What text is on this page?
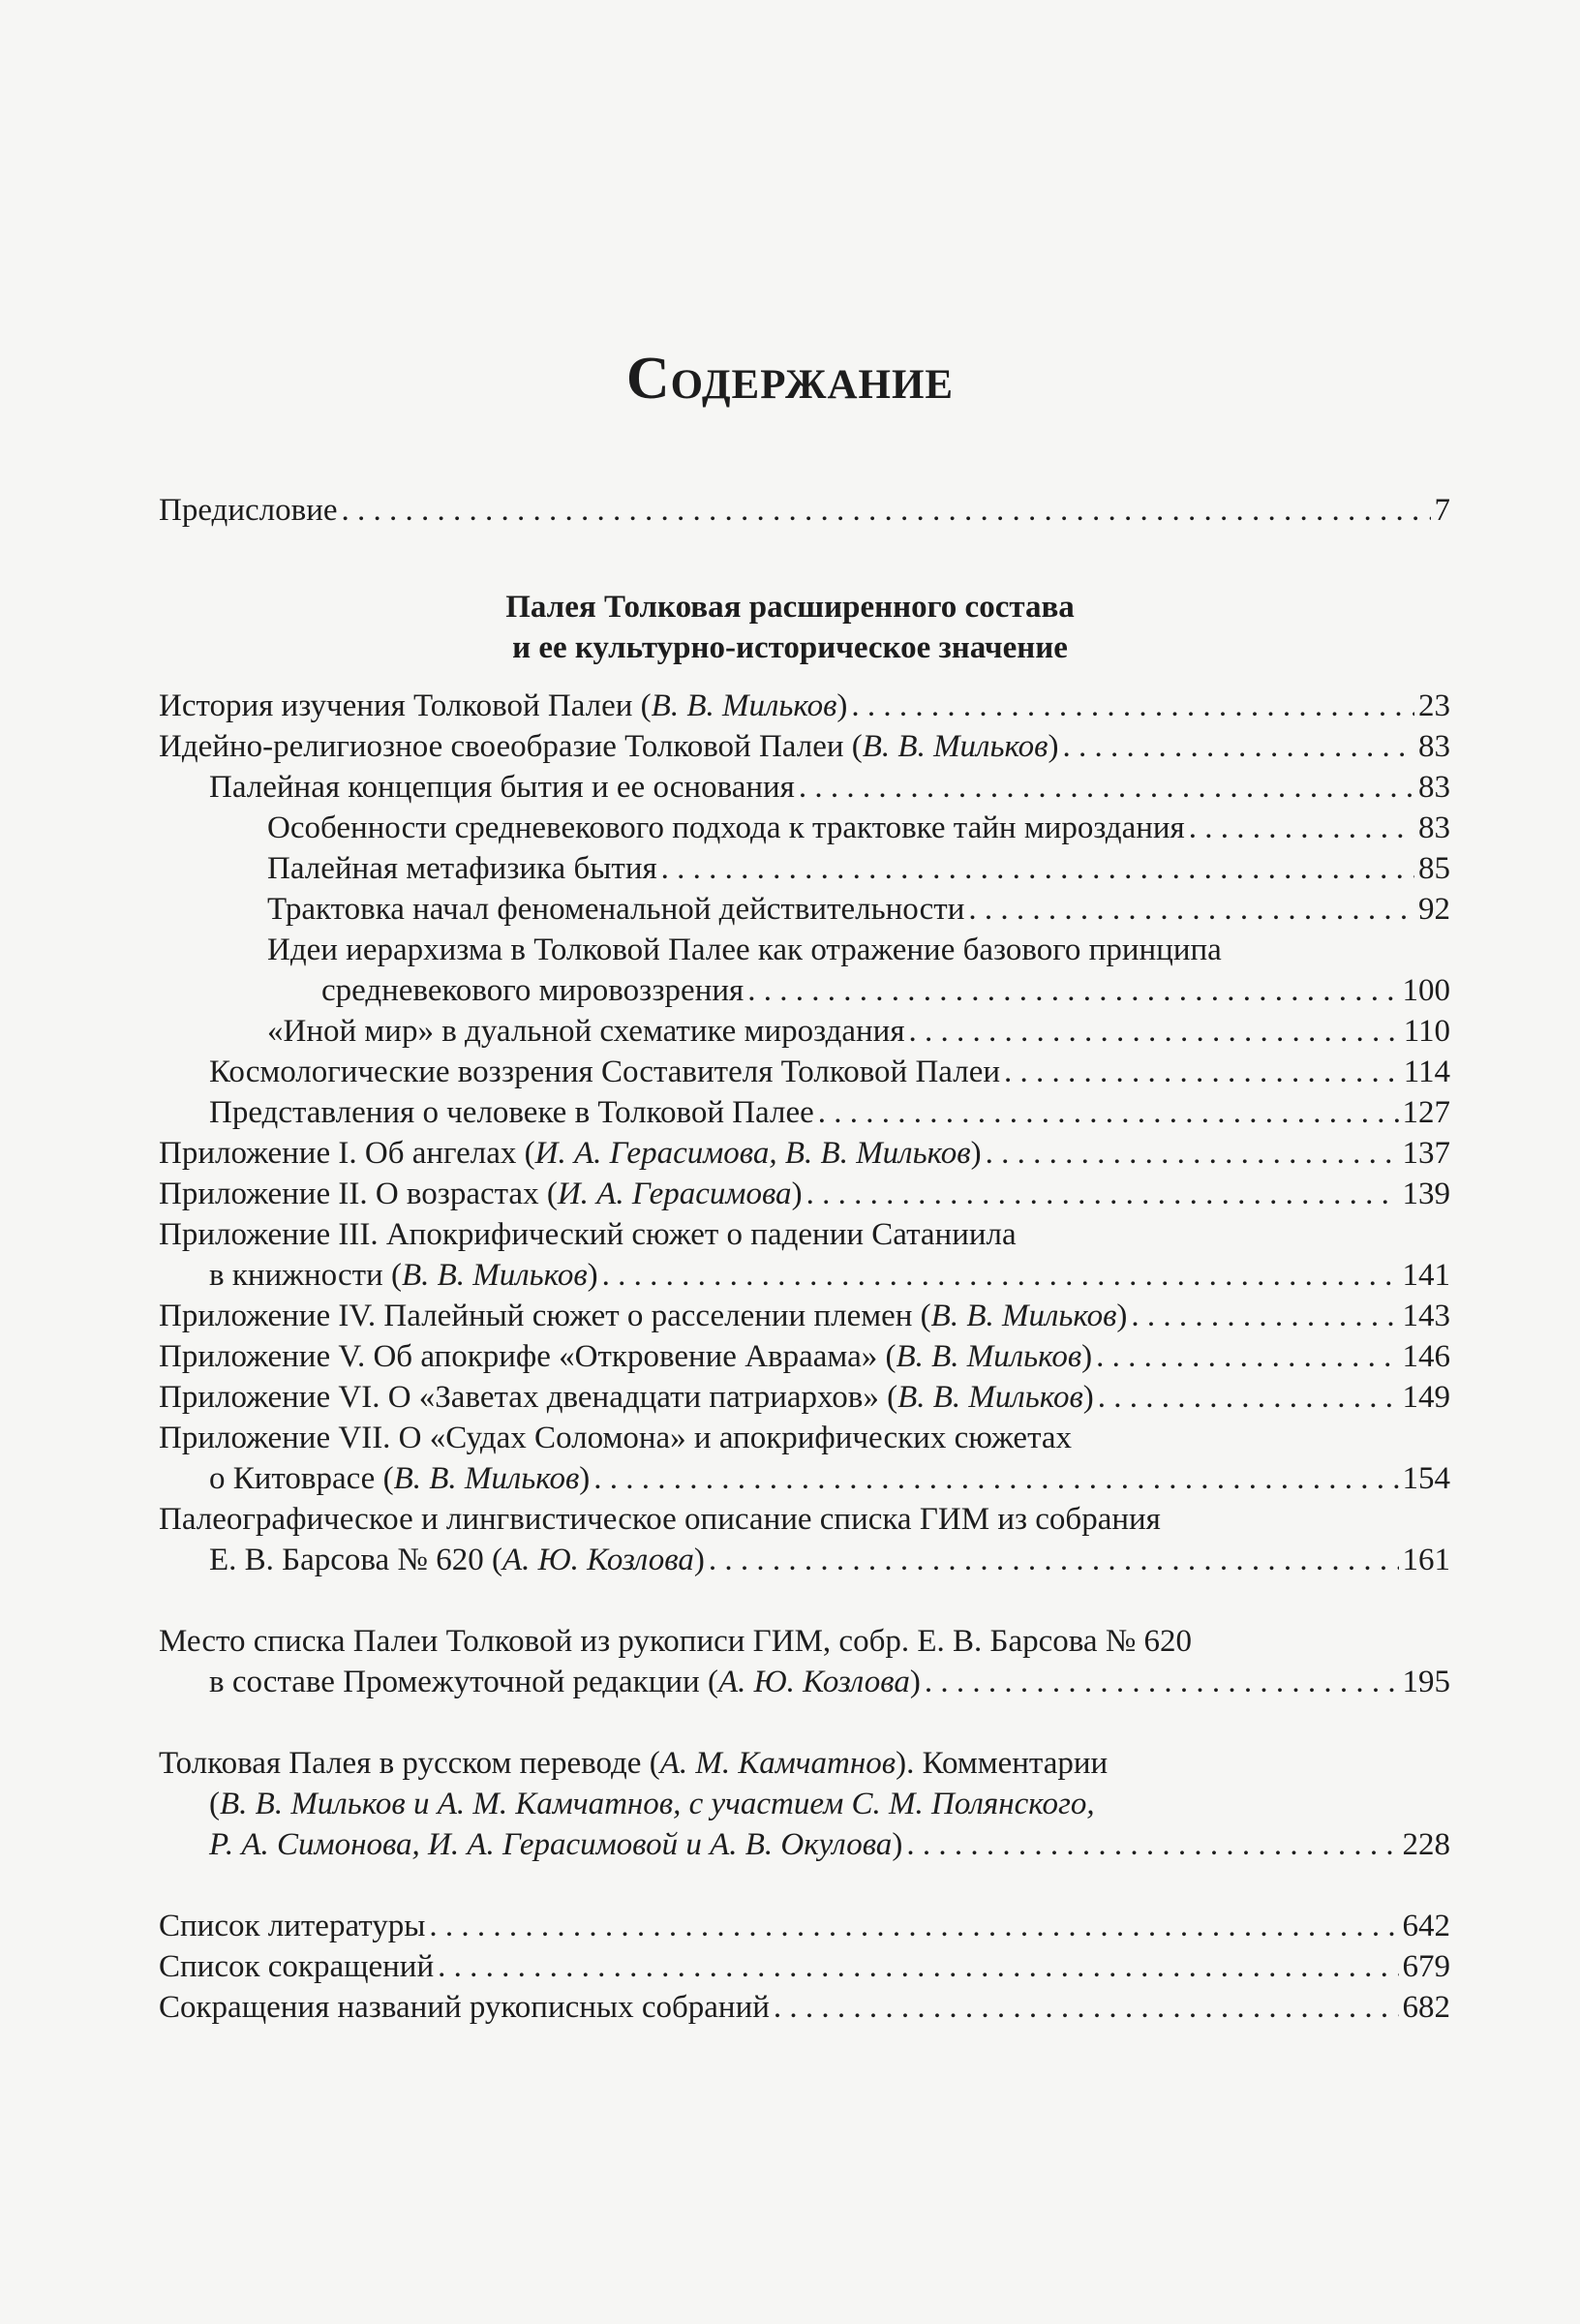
Содержание
Предисловие . . .	7
Палея Толковая расширенного состава
и ее культурно-историческое значение
История изучения Толковой Палеи (В. В. Мильков) . . .	23
Идейно-религиозное своеобразие Толковой Палеи (В. В. Мильков) . . .	83
Палейная концепция бытия и ее основания . . .	83
Особенности средневекового подхода к трактовке тайн мироздания . . .	83
Палейная метафизика бытия . . .	85
Трактовка начал феноменальной действительности . . .	92
Идеи иерархизма в Толковой Палее как отражение базового принципа
средневекового мировоззрения . . .	100
«Иной мир» в дуальной схематике мироздания . . .	110
Космологические воззрения Составителя Толковой Палеи . . .	114
Представления о человеке в Толковой Палее . . .	127
Приложение I. Об ангелах (И. А. Герасимова, В. В. Мильков) . . .	137
Приложение II. О возрастах (И. А. Герасимова) . . .	139
Приложение III. Апокрифический сюжет о падении Сатаниила
в книжности (В. В. Мильков) . . .	141
Приложение IV. Палейный сюжет о расселении племен (В. В. Мильков) . . .	143
Приложение V. Об апокрифе «Откровение Авраама» (В. В. Мильков) . . .	146
Приложение VI. О «Заветах двенадцати патриархов» (В. В. Мильков) . . .	149
Приложение VII. О «Судах Соломона» и апокрифических сюжетах
о Китоврасе (В. В. Мильков) . . .	154
Палеографическое и лингвистическое описание списка ГИМ из собрания
Е. В. Барсова № 620 (А. Ю. Козлова) . . .	161
Место списка Палеи Толковой из рукописи ГИМ, собр. Е. В. Барсова № 620
в составе Промежуточной редакции (А. Ю. Козлова) . . .	195
Толковая Палея в русском переводе (А. М. Камчатнов). Комментарии
(В. В. Мильков и А. М. Камчатнов, с участием С. М. Полянского,
Р. А. Симонова, И. А. Герасимовой и А. В. Окулова) . . .	228
Список литературы . . .	642
Список сокращений . . .	679
Сокращения названий рукописных собраний . . .	682
